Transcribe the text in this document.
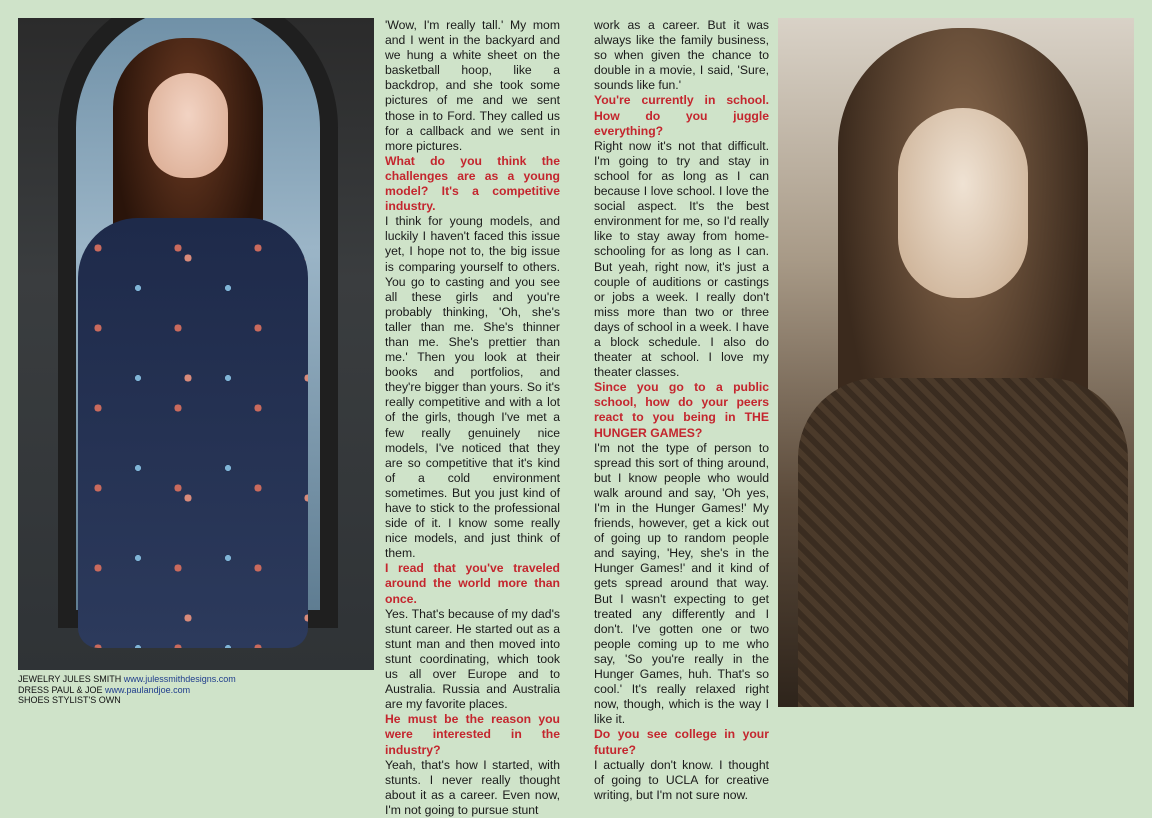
JEWELRY JULES SMITH www.julessmithdesigns.com
DRESS PAUL & JOE www.paulandjoe.com
SHOES STYLIST'S OWN

'Wow, I'm really tall.' My mom and I went in the backyard and we hung a white sheet on the basketball hoop, like a backdrop, and she took some pictures of me and we sent those in to Ford. They called us for a callback and we sent in more pictures.

What do you think the challenges are as a young model? It's a competitive industry.

I think for young models, and luckily I haven't faced this issue yet, I hope not to, the big issue is comparing yourself to others. You go to casting and you see all these girls and you're probably thinking, 'Oh, she's taller than me. She's thinner than me. She's prettier than me.' Then you look at their books and portfolios, and they're bigger than yours. So it's really competitive and with a lot of the girls, though I've met a few really genuinely nice models, I've noticed that they are so competitive that it's kind of a cold environment sometimes. But you just kind of have to stick to the professional side of it. I know some really nice models, and just think of them.

I read that you've traveled around the world more than once.

Yes. That's because of my dad's stunt career. He started out as a stunt man and then moved into stunt coordinating, which took us all over Europe and to Australia. Russia and Australia are my favorite places.

He must be the reason you were interested in the industry?

Yeah, that's how I started, with stunts. I never really thought about it as a career. Even now, I'm not going to pursue stunt

work as a career. But it was always like the family business, so when given the chance to double in a movie, I said, 'Sure, sounds like fun.'

You're currently in school. How do you juggle everything?

Right now it's not that difficult. I'm going to try and stay in school for as long as I can because I love school. I love the social aspect. It's the best environment for me, so I'd really like to stay away from home-schooling for as long as I can. But yeah, right now, it's just a couple of auditions or castings or jobs a week. I really don't miss more than two or three days of school in a week. I have a block schedule. I also do theater at school. I love my theater classes.

Since you go to a public school, how do your peers react to you being in THE HUNGER GAMES?

I'm not the type of person to spread this sort of thing around, but I know people who would walk around and say, 'Oh yes, I'm in the Hunger Games!' My friends, however, get a kick out of going up to random people and saying, 'Hey, she's in the Hunger Games!' and it kind of gets spread around that way. But I wasn't expecting to get treated any differently and I don't. I've gotten one or two people coming up to me who say, 'So you're really in the Hunger Games, huh. That's so cool.' It's really relaxed right now, though, which is the way I like it.

Do you see college in your future?

I actually don't know. I thought of going to UCLA for creative writing, but I'm not sure now.
